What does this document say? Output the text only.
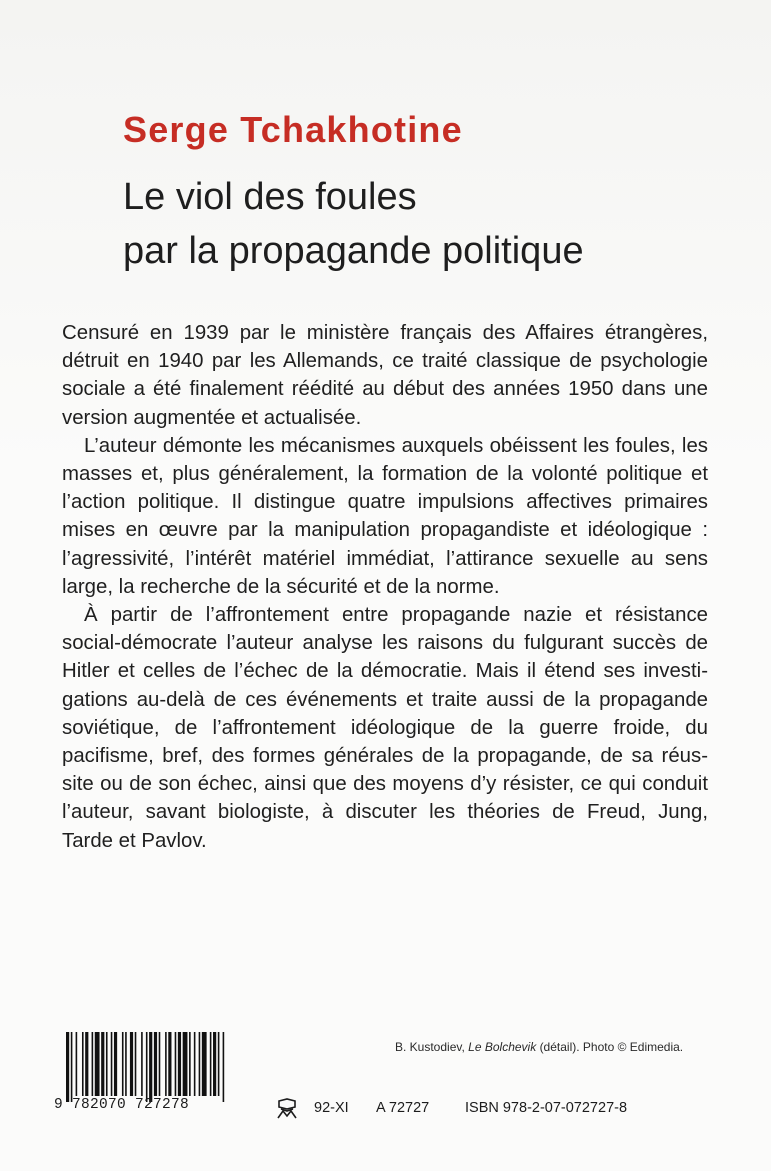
Serge Tchakhotine
Le viol des foules
par la propagande politique
Censuré en 1939 par le ministère français des Affaires étrangères,
détruit en 1940 par les Allemands, ce traité classique de psychologie
sociale a été finalement réédité au début des années 1950 dans une
version augmentée et actualisée.
L’auteur démonte les mécanismes auxquels obéissent les foules, les
masses et, plus généralement, la formation de la volonté politique et
l’action politique. Il distingue quatre impulsions affectives primaires
mises en œuvre par la manipulation propagandiste et idéologique :
l’agressivité, l’intérêt matériel immédiat, l’attirance sexuelle au sens
large, la recherche de la sécurité et de la norme.
À partir de l’affrontement entre propagande nazie et résistance
social-démocrate l’auteur analyse les raisons du fulgurant succès de
Hitler et celles de l’échec de la démocratie. Mais il étend ses investi-
gations au-delà de ces événements et traite aussi de la propagande
soviétique, de l’affrontement idéologique de la guerre froide, du
pacifisme, bref, des formes générales de la propagande, de sa réus-
site ou de son échec, ainsi que des moyens d’y résister, ce qui conduit
l’auteur, savant biologiste, à discuter les théories de Freud, Jung,
Tarde et Pavlov.
B. Kustodiev, Le Bolchevik (détail). Photo © Edimedia.
9 782070 727278	92-XI A 72727 ISBN 978-2-07-072727-8
